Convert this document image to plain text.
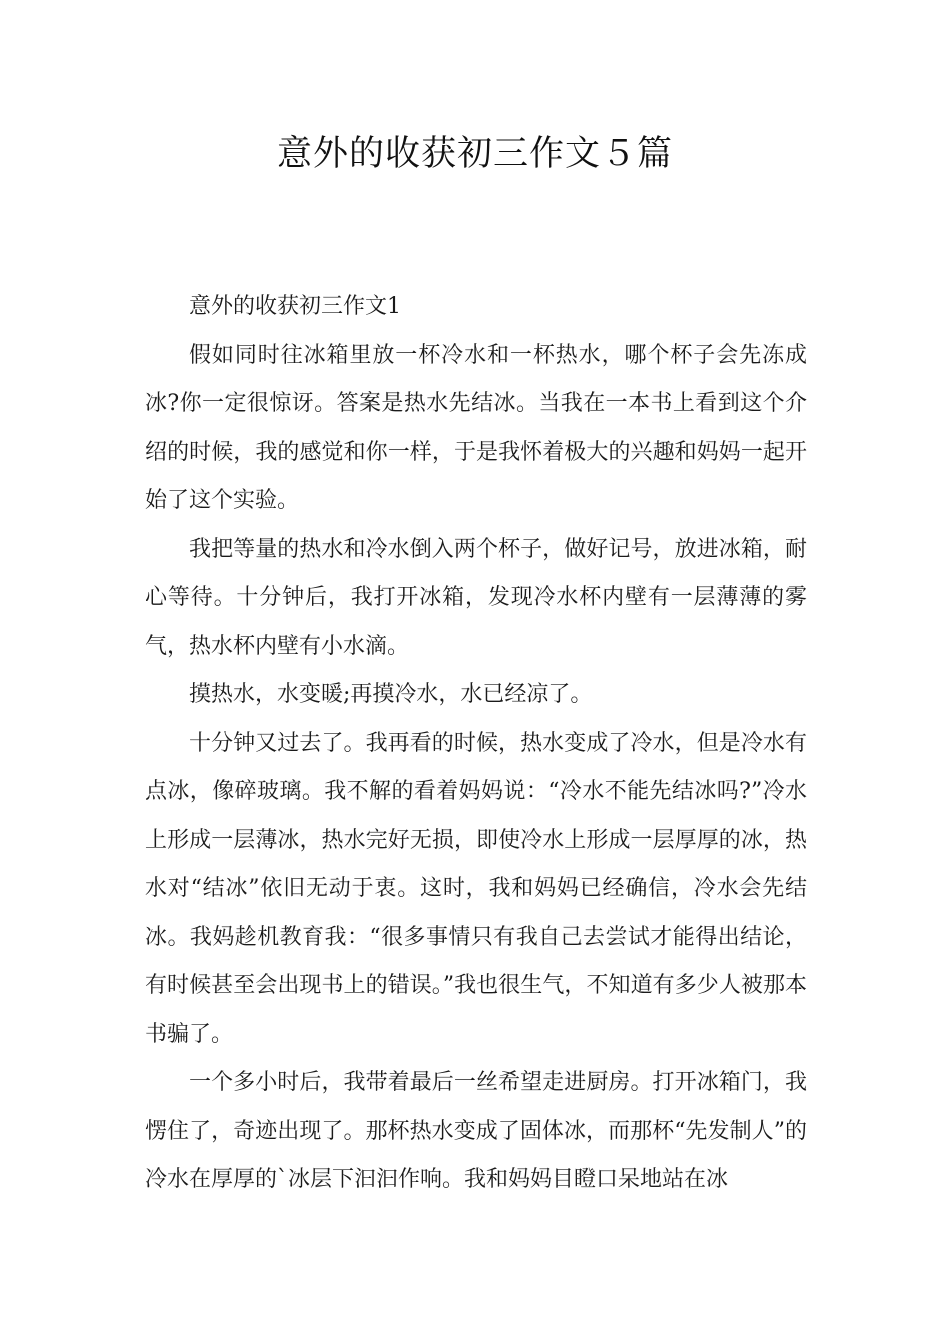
意外的收获初三作文５篇

意外的收获初三作文1

假如同时往冰箱里放一杯冷水和一杯热水，哪个杯子会先冻成冰?你一定很惊讶。答案是热水先结冰。当我在一本书上看到这个介绍的时候，我的感觉和你一样，于是我怀着极大的兴趣和妈妈一起开始了这个实验。

我把等量的热水和冷水倒入两个杯子，做好记号，放进冰箱，耐心等待。十分钟后，我打开冰箱，发现冷水杯内壁有一层薄薄的雾气，热水杯内壁有小水滴。

摸热水，水变暖;再摸冷水，水已经凉了。

十分钟又过去了。我再看的时候，热水变成了冷水，但是冷水有点冰，像碎玻璃。我不解的看着妈妈说：“冷水不能先结冰吗?”冷水上形成一层薄冰，热水完好无损，即使冷水上形成一层厚厚的冰，热水对“结冰”依旧无动于衷。这时，我和妈妈已经确信，冷水会先结冰。我妈趁机教育我：“很多事情只有我自己去尝试才能得出结论，有时候甚至会出现书上的错误。”我也很生气，不知道有多少人被那本书骗了。

一个多小时后，我带着最后一丝希望走进厨房。打开冰箱门，我愣住了，奇迹出现了。那杯热水变成了固体冰，而那杯“先发制人”的冷水在厚厚的`冰层下汩汩作响。我和妈妈目瞪口呆地站在冰
